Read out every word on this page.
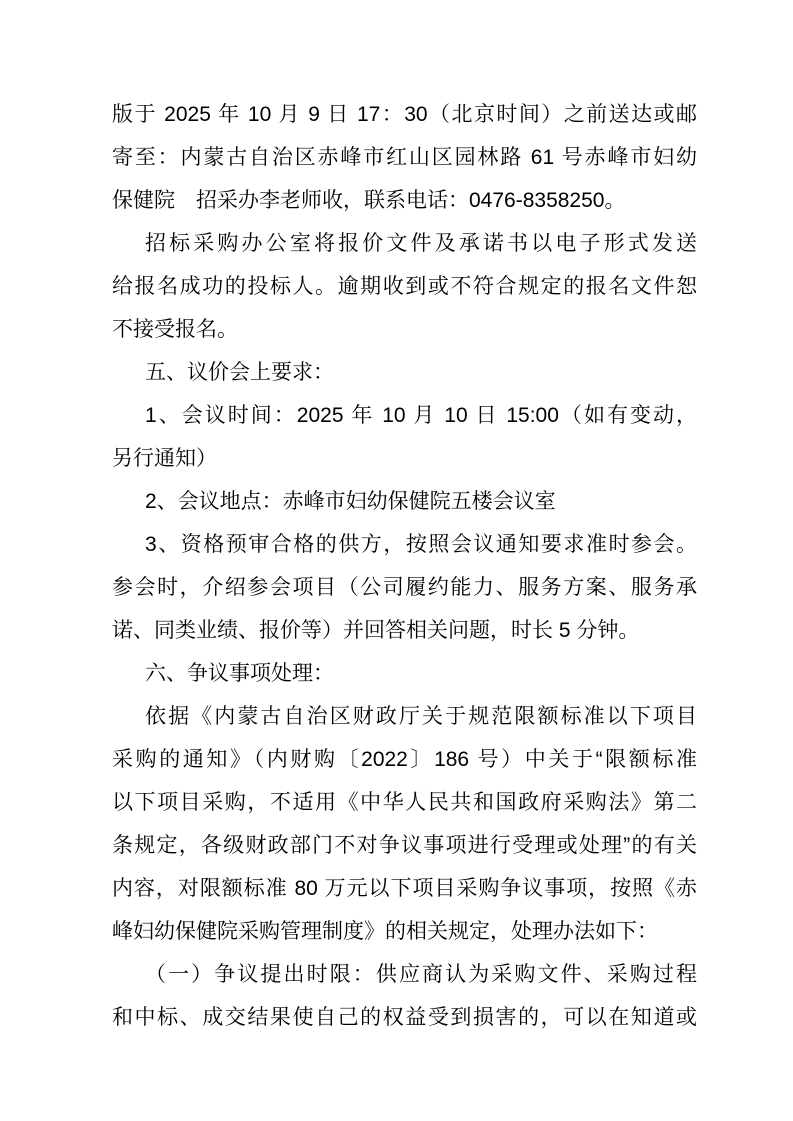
版于 2025 年 10 月 9 日 17：30（北京时间）之前送达或邮
寄至：内蒙古自治区赤峰市红山区园林路 61 号赤峰市妇幼
保健院　招采办李老师收，联系电话：0476-8358250。
招标采购办公室将报价文件及承诺书以电子形式发送
给报名成功的投标人。逾期收到或不符合规定的报名文件恕
不接受报名。
五、议价会上要求：
1、会议时间：2025 年 10 月 10 日 15:00（如有变动，
另行通知）
2、会议地点：赤峰市妇幼保健院五楼会议室
3、资格预审合格的供方，按照会议通知要求准时参会。
参会时，介绍参会项目（公司履约能力、服务方案、服务承
诺、同类业绩、报价等）并回答相关问题，时长 5 分钟。
六、争议事项处理：
依据《内蒙古自治区财政厅关于规范限额标准以下项目
采购的通知》（内财购〔2022〕186 号）中关于“限额标准
以下项目采购，不适用《中华人民共和国政府采购法》第二
条规定，各级财政部门不对争议事项进行受理或处理”的有关
内容，对限额标准 80 万元以下项目采购争议事项，按照《赤
峰妇幼保健院采购管理制度》的相关规定，处理办法如下：
（一）争议提出时限：供应商认为采购文件、采购过程
和中标、成交结果使自己的权益受到损害的，可以在知道或
